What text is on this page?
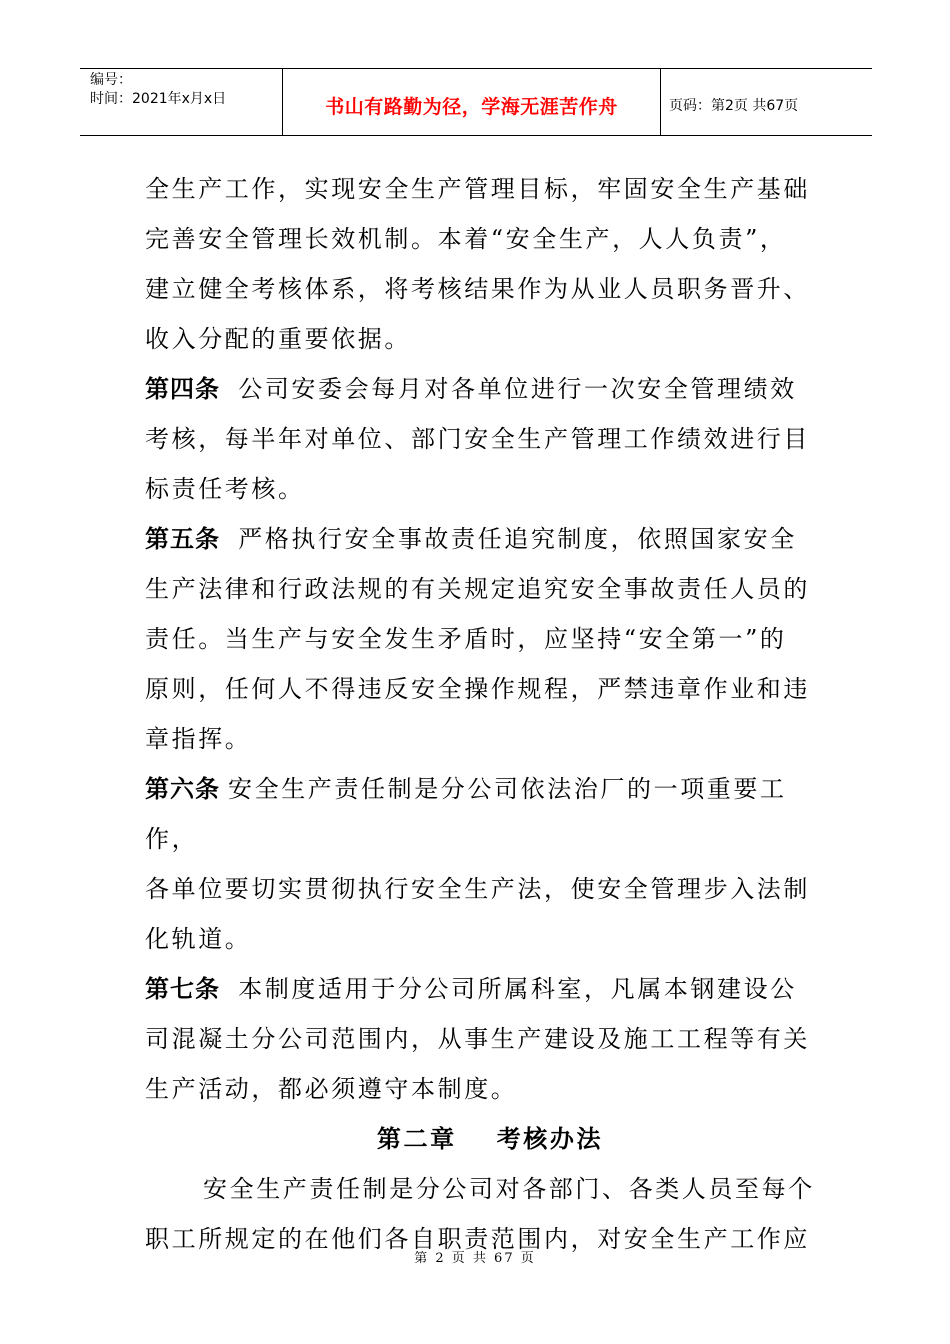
编号：
时间：2021年x月x日	书山有路勤为径，学海无涯苦作舟	页码：第2页 共67页

全生产工作，实现安全生产管理目标，牢固安全生产基础

完善安全管理长效机制。本着“安全生产，人人负责”，

建立健全考核体系，将考核结果作为从业人员职务晋升、

收入分配的重要依据。

第四条 公司安委会每月对各单位进行一次安全管理绩效

考核，每半年对单位、部门安全生产管理工作绩效进行目

标责任考核。

第五条 严格执行安全事故责任追究制度，依照国家安全

生产法律和行政法规的有关规定追究安全事故责任人员的

责任。当生产与安全发生矛盾时，应坚持“安全第一”的

原则，任何人不得违反安全操作规程，严禁违章作业和违

章指挥。

第六条 安全生产责任制是分公司依法治厂的一项重要工作，

各单位要切实贯彻执行安全生产法，使安全管理步入法制

化轨道。

第七条 本制度适用于分公司所属科室，凡属本钢建设公

司混凝土分公司范围内，从事生产建设及施工工程等有关

生产活动，都必须遵守本制度。

第二章 考核办法

安全生产责任制是分公司对各部门、各类人员至每个

职工所规定的在他们各自职责范围内，对安全生产工作应

第 2 页 共 67 页
